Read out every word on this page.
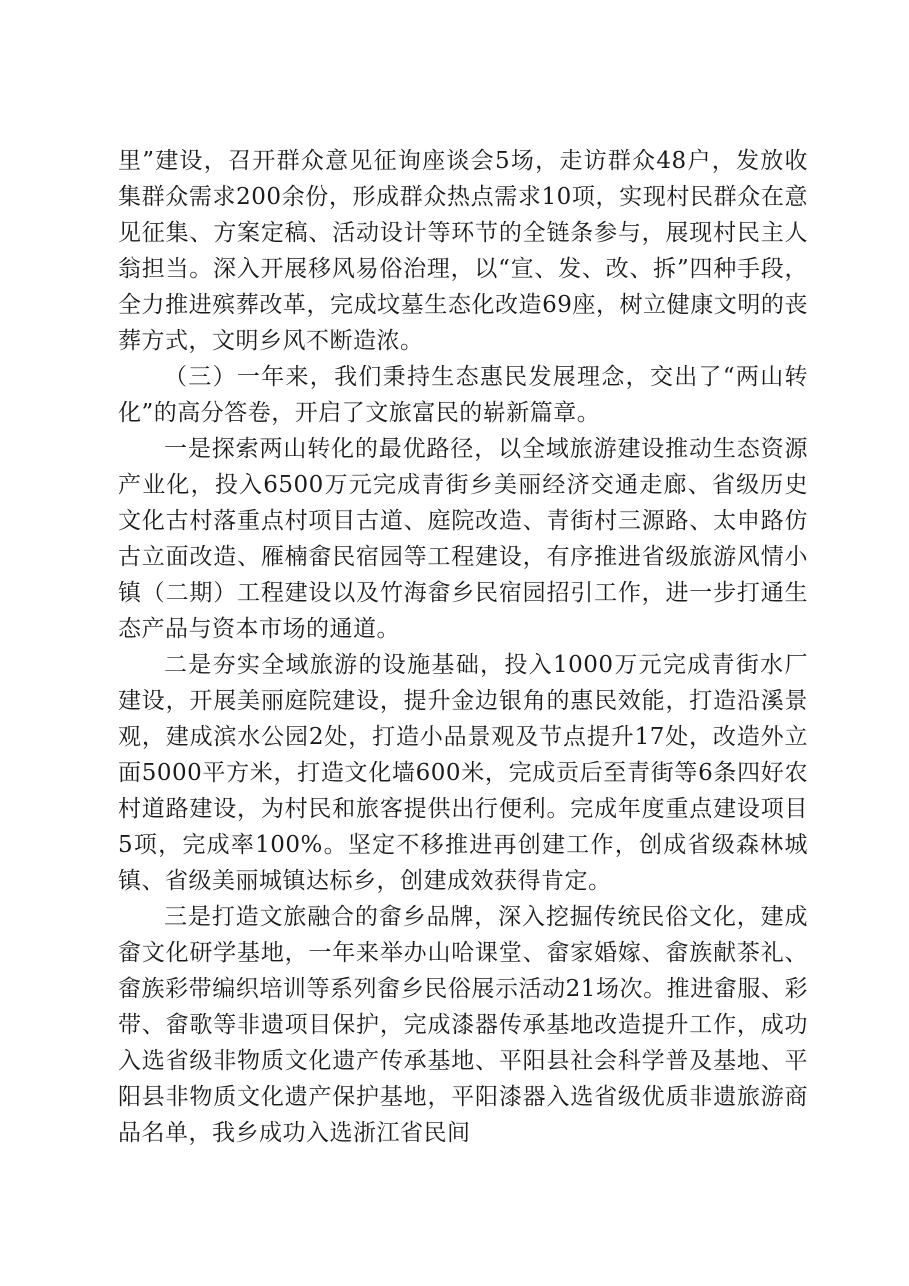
里”建设，召开群众意见征询座谈会5场，走访群众48户，发放收集群众需求200余份，形成群众热点需求10项，实现村民群众在意见征集、方案定稿、活动设计等环节的全链条参与，展现村民主人翁担当。深入开展移风易俗治理，以“宣、发、改、拆”四种手段，全力推进殡葬改革，完成坟墓生态化改造69座，树立健康文明的丧葬方式，文明乡风不断造浓。

（三）一年来，我们秉持生态惠民发展理念，交出了“两山转化”的高分答卷，开启了文旅富民的崭新篇章。

一是探索两山转化的最优路径，以全域旅游建设推动生态资源产业化，投入6500万元完成青街乡美丽经济交通走廊、省级历史文化古村落重点村项目古道、庭院改造、青街村三源路、太申路仿古立面改造、雁楠畲民宿园等工程建设，有序推进省级旅游风情小镇（二期）工程建设以及竹海畲乡民宿园招引工作，进一步打通生态产品与资本市场的通道。

二是夯实全域旅游的设施基础，投入1000万元完成青街水厂建设，开展美丽庭院建设，提升金边银角的惠民效能，打造沿溪景观，建成滨水公园2处，打造小品景观及节点提升17处，改造外立面5000平方米，打造文化墙600米，完成贡后至青街等6条四好农村道路建设，为村民和旅客提供出行便利。完成年度重点建设项目5项，完成率100%。坚定不移推进再创建工作，创成省级森林城镇、省级美丽城镇达标乡，创建成效获得肯定。

三是打造文旅融合的畲乡品牌，深入挖掘传统民俗文化，建成畲文化研学基地，一年来举办山哈课堂、畲家婚嫁、畲族献茶礼、畲族彩带编织培训等系列畲乡民俗展示活动21场次。推进畲服、彩带、畲歌等非遗项目保护，完成漆器传承基地改造提升工作，成功入选省级非物质文化遗产传承基地、平阳县社会科学普及基地、平阳县非物质文化遗产保护基地，平阳漆器入选省级优质非遗旅游商品名单，我乡成功入选浙江省民间
